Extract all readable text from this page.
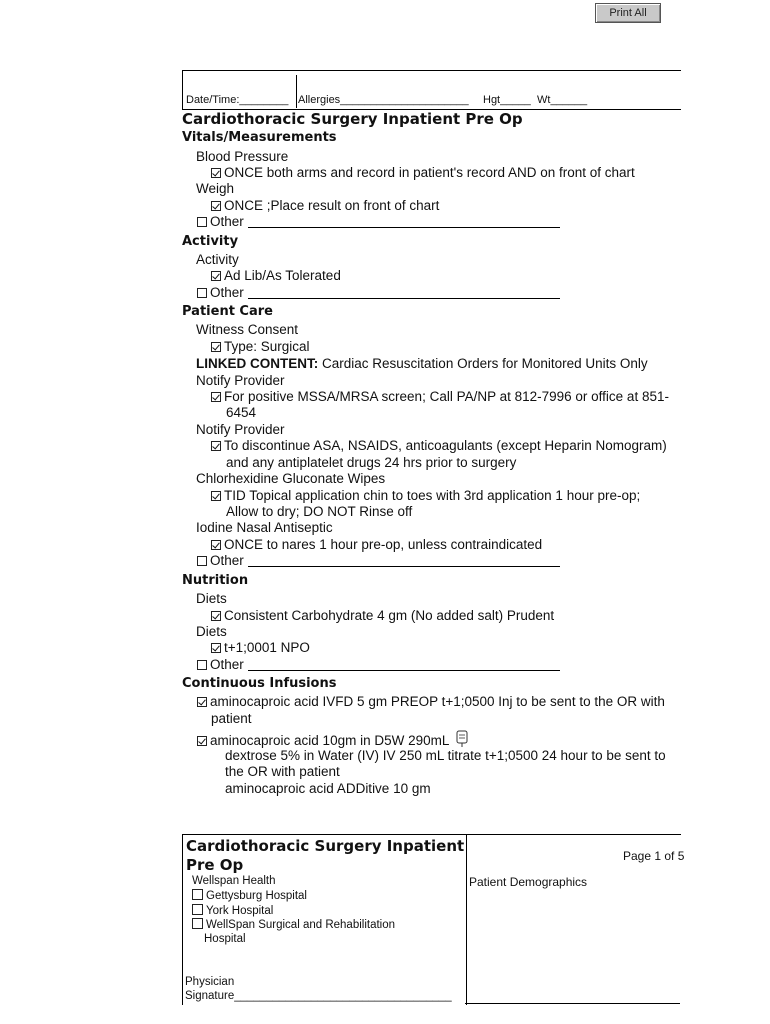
Print All
Date/Time:________ Allergies_____________________ Hgt_____ Wt______
Cardiothoracic Surgery Inpatient Pre Op
Vitals/Measurements
Blood Pressure
ONCE both arms and record in patient's record AND on front of chart
Weigh
ONCE ;Place result on front of chart
Other
Activity
Activity
Ad Lib/As Tolerated
Other
Patient Care
Witness Consent
Type: Surgical
LINKED CONTENT: Cardiac Resuscitation Orders for Monitored Units Only
Notify Provider
For positive MSSA/MRSA screen; Call PA/NP at 812-7996 or office at 851-
6454
Notify Provider
To discontinue ASA, NSAIDS, anticoagulants (except Heparin Nomogram)
and any antiplatelet drugs 24 hrs prior to surgery
Chlorhexidine Gluconate Wipes
TID Topical application chin to toes with 3rd application 1 hour pre-op;
Allow to dry; DO NOT Rinse off
Iodine Nasal Antiseptic
ONCE to nares 1 hour pre-op, unless contraindicated
Other
Nutrition
Diets
Consistent Carbohydrate 4 gm (No added salt) Prudent
Diets
t+1;0001 NPO
Other
Continuous Infusions
aminocaproic acid IVFD 5 gm PREOP t+1;0500 Inj to be sent to the OR with
patient
aminocaproic acid 10gm in D5W 290mL
dextrose 5% in Water (IV) IV 250 mL titrate t+1;0500 24 hour to be sent to
the OR with patient
aminocaproic acid ADDitive 10 gm
Cardiothoracic Surgery Inpatient Pre Op	Page 1 of 5
Patient Demographics
Wellspan Health
Gettysburg Hospital
York Hospital
WellSpan Surgical and Rehabilitation
Hospital
Physician
Signature__________________________________
